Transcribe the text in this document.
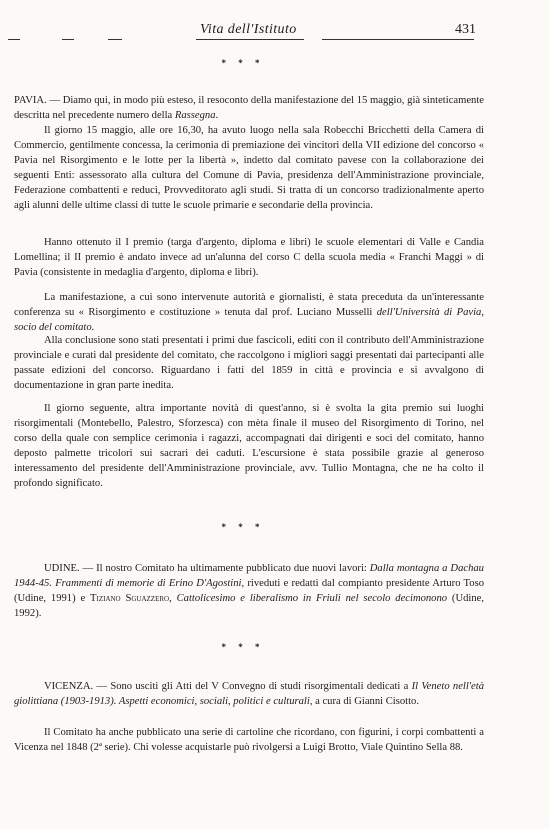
Vita dell'Istituto	431
* * *

PAVIA. — Diamo qui, in modo più esteso, il resoconto della manifestazione del 15 maggio, già sinteticamente descritta nel precedente numero della Rassegna.

Il giorno 15 maggio, alle ore 16,30, ha avuto luogo nella sala Robecchi Bricchetti della Camera di Commercio, gentilmente concessa, la cerimonia di premiazione dei vincitori della VII edizione del concorso « Pavia nel Risorgimento e le lotte per la libertà », indetto dal comitato pavese con la collaborazione dei seguenti Enti: assessorato alla cultura del Comune di Pavia, presidenza dell'Amministrazione provinciale, Federazione combattenti e reduci, Provveditorato agli studi. Si tratta di un concorso tradizionalmente aperto agli alunni delle ultime classi di tutte le scuole primarie e secondarie della provincia.

Hanno ottenuto il I premio (targa d'argento, diploma e libri) le scuole elementari di Valle e Candia Lomellina; il II premio è andato invece ad un'alunna del corso C della scuola media « Franchi Maggi » di Pavia (consistente in medaglia d'argento, diploma e libri).

La manifestazione, a cui sono intervenute autorità e giornalisti, è stata preceduta da un'interessante conferenza su « Risorgimento e costituzione » tenuta dal prof. Luciano Musselli dell'Università di Pavia, socio del comitato.

Alla conclusione sono stati presentati i primi due fascicoli, editi con il contributo dell'Amministrazione provinciale e curati dal presidente del comitato, che raccolgono i migliori saggi presentati dai partecipanti alle passate edizioni del concorso. Riguardano i fatti del 1859 in città e provincia e si avvalgono di documentazione in gran parte inedita.

Il giorno seguente, altra importante novità di quest'anno, si è svolta la gita premio sui luoghi risorgimentali (Montebello, Palestro, Sforzesca) con mèta finale il museo del Risorgimento di Torino, nel corso della quale con semplice cerimonia i ragazzi, accompagnati dai dirigenti e soci del comitato, hanno deposto palmette tricolori sui sacrari dei caduti. L'escursione è stata possibile grazie al generoso interessamento del presidente dell'Amministrazione provinciale, avv. Tullio Montagna, che ne ha colto il profondo significato.

* * *

UDINE. — Il nostro Comitato ha ultimamente pubblicato due nuovi lavori: Dalla montagna a Dachau 1944-45. Frammenti di memorie di Erino D'Agostini, riveduti e redatti dal compianto presidente Arturo Toso (Udine, 1991) e Tiziano Sguazzero, Cattolicesimo e liberalismo in Friuli nel secolo decimonono (Udine, 1992).

* * *

VICENZA. — Sono usciti gli Atti del V Convegno di studi risorgimentali dedicati a Il Veneto nell'età giolittiana (1903-1913). Aspetti economici, sociali, politici e culturali, a cura di Gianni Cisotto.

Il Comitato ha anche pubblicato una serie di cartoline che ricordano, con figurini, i corpi combattenti a Vicenza nel 1848 (2ª serie). Chi volesse acquistarle può rivolgersi a Luigi Brotto, Viale Quintino Sella 88.
